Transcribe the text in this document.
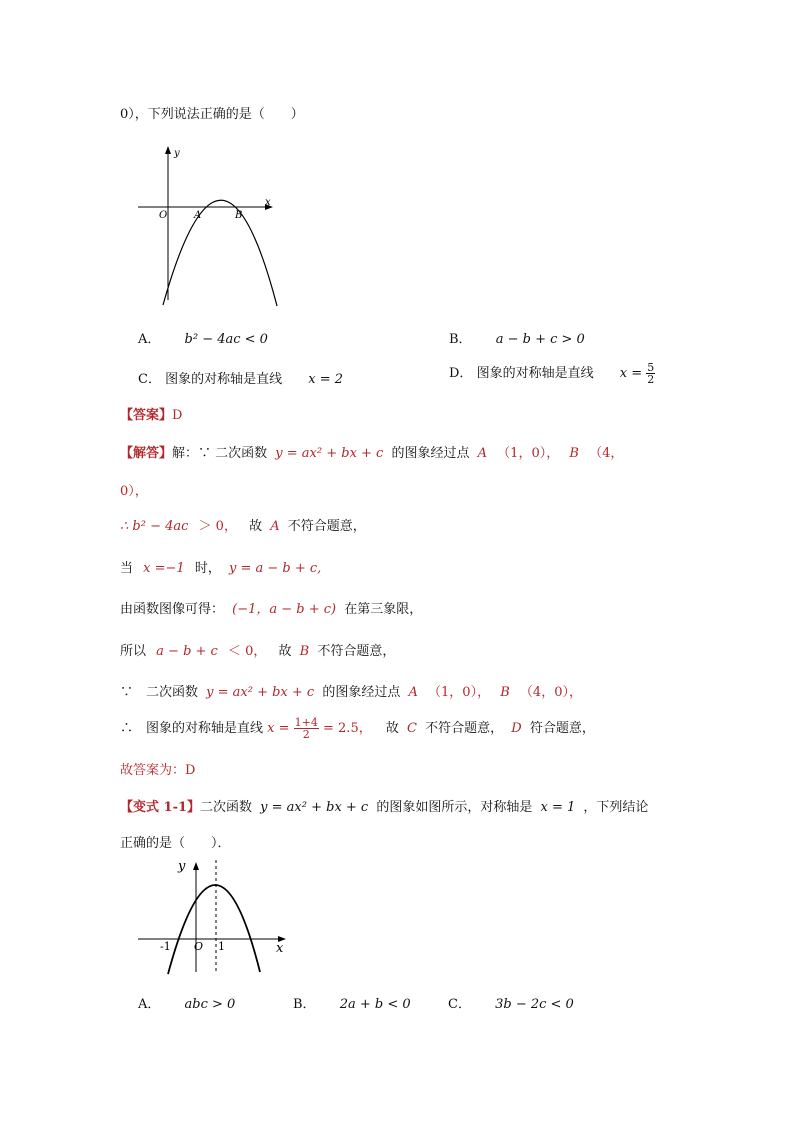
0），下列说法正确的是（　　）
y
x
O	A	B
A． b² − 4ac < 0	B． a − b + c > 0
C． 图象的对称轴是直线 x = 2	D． 图象的对称轴是直线 $x = \frac{5}{2}$
【答案】D
【解答】解：∵ 二次函数 y = ax² + bx + c 的图象经过点 A （1，0）， B （4，
0），
∴ b² − 4ac ＞ 0， 故 A 不符合题意，
当 x =−1 时， y = a − b + c,
由函数图像可得： (−1，a − b + c) 在第三象限，
所以 a − b + c ＜ 0， 故 B 不符合题意，
∵　二次函数 y = ax² + bx + c 的图象经过点 A （1，0）， B （4，0），
∴　图象的对称轴是直线 $x = \frac{1+4}{2} = 2.5$， 故 C 不符合题意， D 符合题意，
故答案为：D
【变式 1-1】二次函数 y = ax² + bx + c 的图象如图所示，对称轴是 x = 1 ，下列结论
正确的是（　　）．
y
x
O
-1	1
A． abc > 0	B． 2a + b < 0	C． 3b − 2c < 0
